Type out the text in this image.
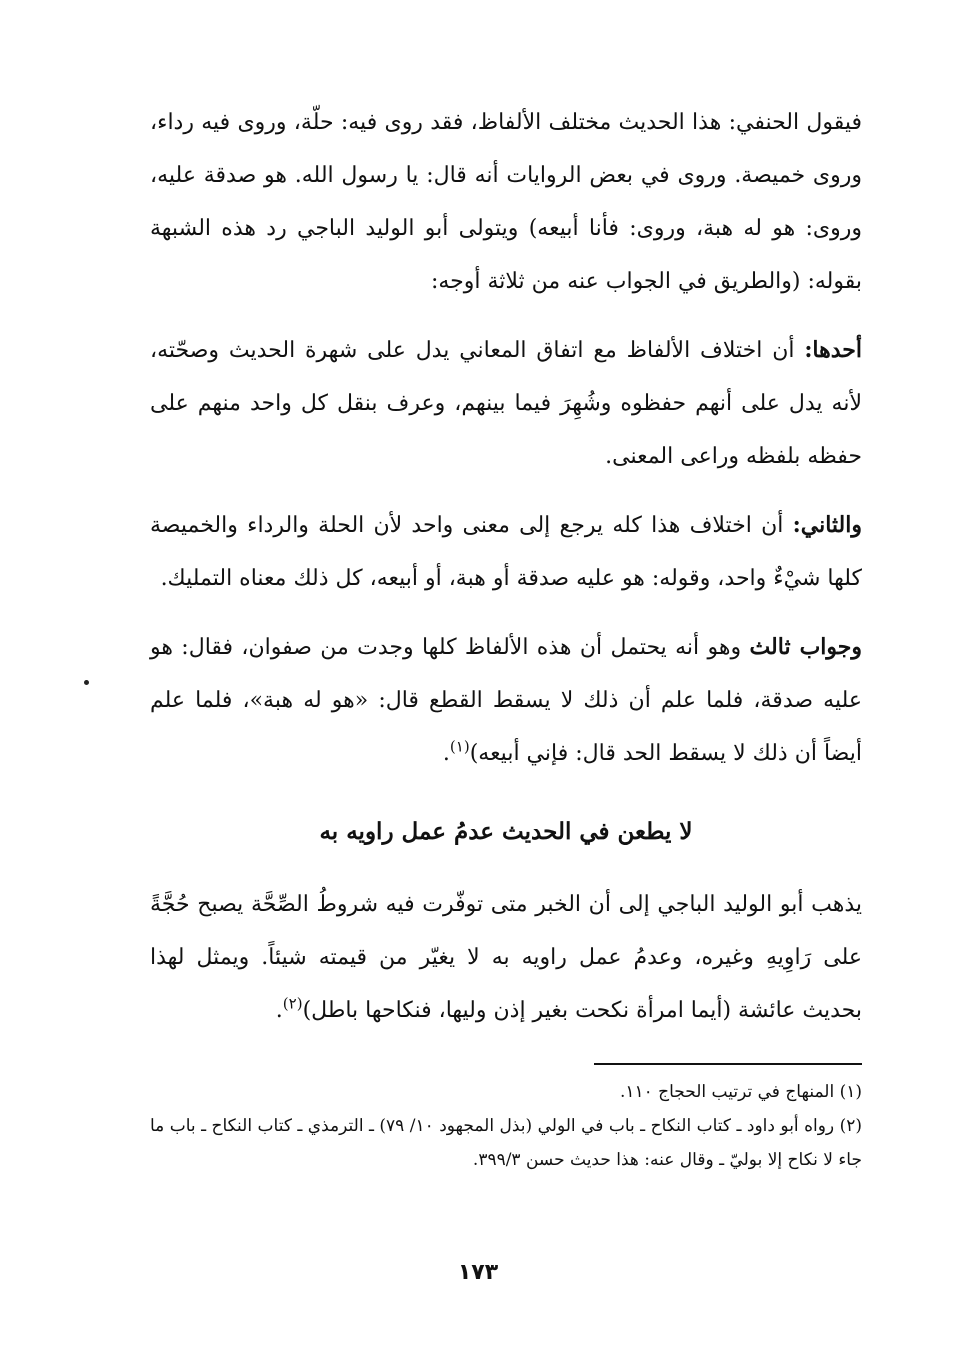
فيقول الحنفي: هذا الحديث مختلف الألفاظ، فقد روى فيه: حلّة، وروى فيه رداء، وروى خميصة. وروى في بعض الروايات أنه قال: يا رسول الله. هو صدقة عليه، وروى: هو له هبة، وروى: فأنا أبيعه) ويتولى أبو الوليد الباجي رد هذه الشبهة بقوله: (والطريق في الجواب عنه من ثلاثة أوجه:

أحدها: أن اختلاف الألفاظ مع اتفاق المعاني يدل على شهرة الحديث وصحّته، لأنه يدل على أنهم حفظوه وشُهِرَ فيما بينهم، وعرف بنقل كل واحد منهم على حفظه بلفظه وراعى المعنى.

والثاني: أن اختلاف هذا كله يرجع إلى معنى واحد لأن الحلة والرداء والخميصة كلها شيْءٌ واحد، وقوله: هو عليه صدقة أو هبة، أو أبيعه، كل ذلك معناه التمليك.

وجواب ثالث وهو أنه يحتمل أن هذه الألفاظ كلها وجدت من صفوان، فقال: هو عليه صدقة، فلما علم أن ذلك لا يسقط القطع قال: «هو له هبة»، فلما علم أيضاً أن ذلك لا يسقط الحد قال: فإني أبيعه)$^{(١)}$.

لا يطعن في الحديث عدمُ عمل راويه به

يذهب أبو الوليد الباجي إلى أن الخبر متى توفّرت فيه شروطُ الصِّحَّة يصبح حُجَّةً على رَاوِيهِ وغيره، وعدمُ عمل راويه به لا يغيّر من قيمته شيئاً. ويمثل لهذا بحديث عائشة (أيما امرأة نكحت بغير إذن وليها، فنكاحها باطل)$^{(٢)}$.

(١) المنهاج في ترتيب الحجاج ١١٠.

(٢) رواه أبو داود ـ كتاب النكاح ـ باب في الولي (بذل المجهود ١٠/ ٧٩) ـ الترمذي ـ كتاب النكاح ـ باب ما جاء لا نكاح إلا بوليّ ـ وقال عنه: هذا حديث حسن ٣٩٩/٣.

١٧٣
